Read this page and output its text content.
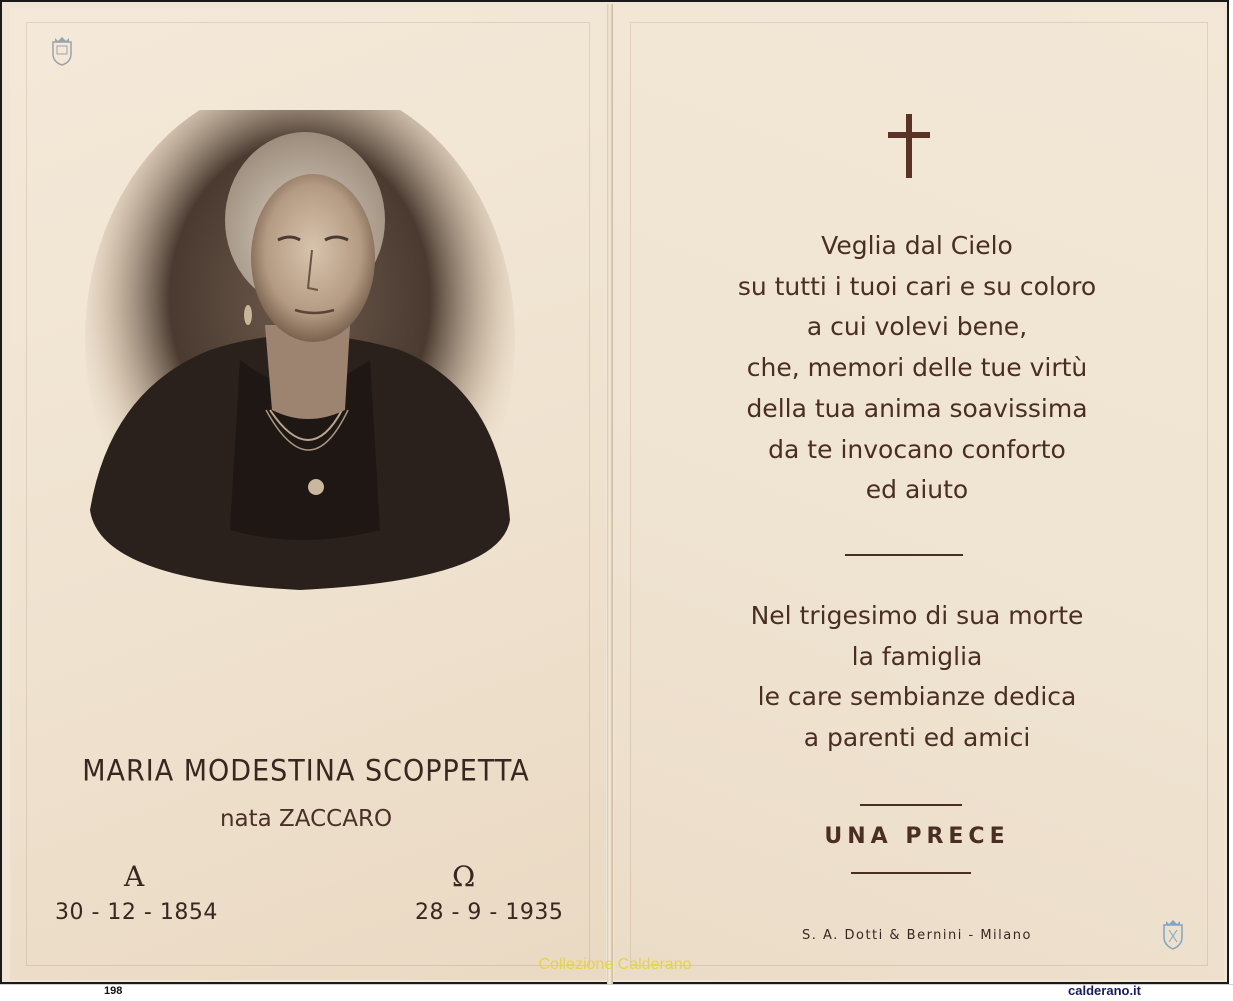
MARIA MODESTINA SCOPPETTA
nata ZACCARO
A	Ω
30 - 12 - 1854	28 - 9 - 1935
Veglia dal Cielo
su tutti i tuoi cari e su coloro
a cui volevi bene,
che, memori delle tue virtù
della tua anima soavissima
da te invocano conforto
ed aiuto
Nel trigesimo di sua morte
la famiglia
le care sembianze dedica
a parenti ed amici
UNA PRECE
S. A. Dotti & Bernini - Milano
Collezione Calderano
198	calderano.it
